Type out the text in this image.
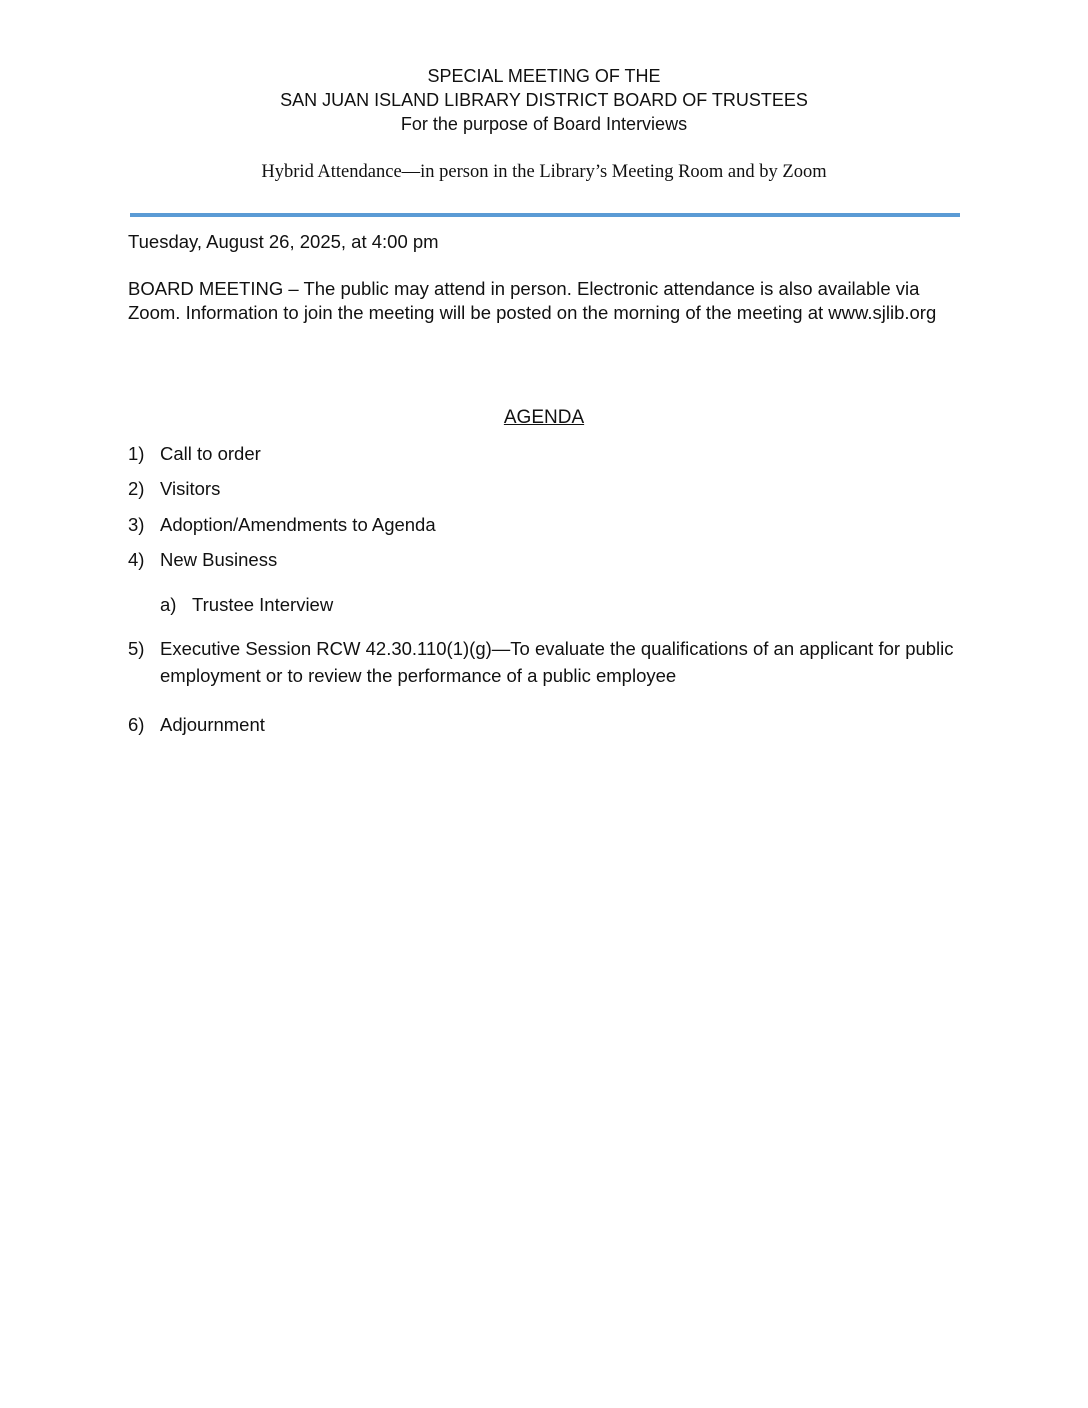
SPECIAL MEETING OF THE

SAN JUAN ISLAND LIBRARY DISTRICT BOARD OF TRUSTEES

For the purpose of Board Interviews

Hybrid Attendance—in person in the Library’s Meeting Room and by Zoom
Tuesday, August 26, 2025, at 4:00 pm
BOARD MEETING – The public may attend in person. Electronic attendance is also available via Zoom. Information to join the meeting will be posted on the morning of the meeting at www.sjlib.org
AGENDA
1) Call to order
2) Visitors
3) Adoption/Amendments to Agenda
4) New Business
a) Trustee Interview
5) Executive Session RCW 42.30.110(1)(g)—To evaluate the qualifications of an applicant for public employment or to review the performance of a public employee
6) Adjournment
